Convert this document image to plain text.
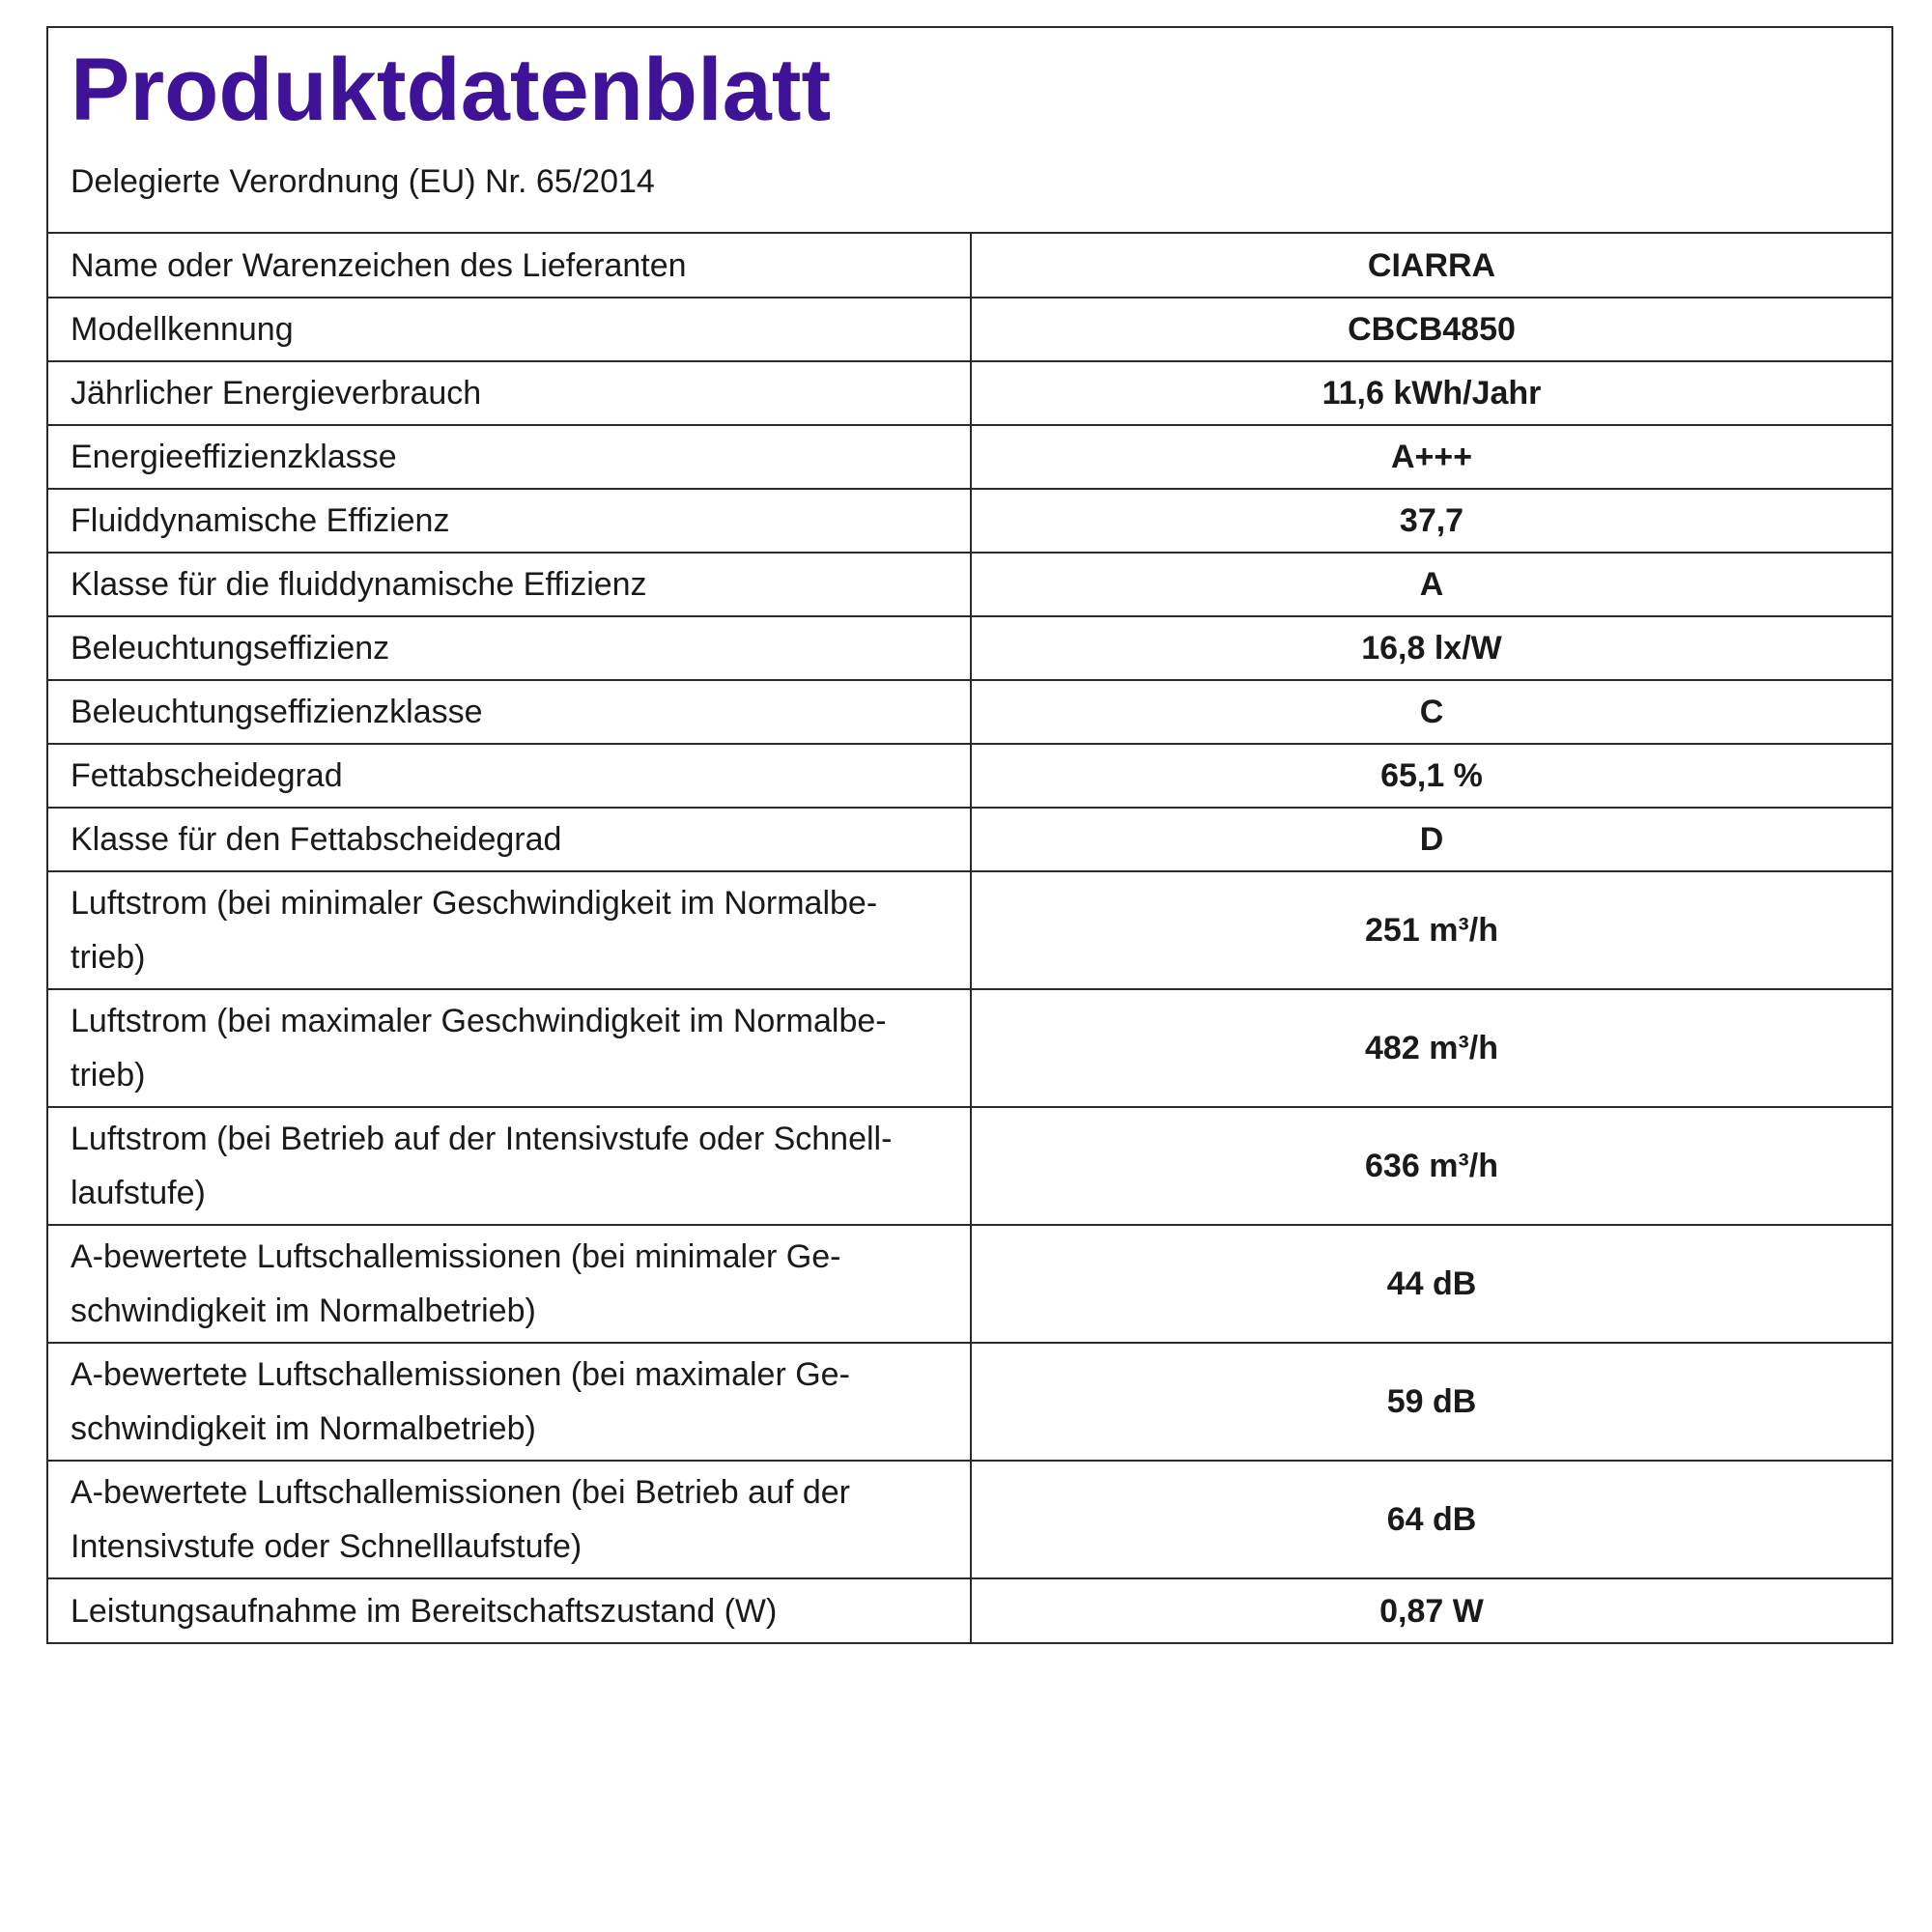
Produktdatenblatt

Delegierte Verordnung (EU) Nr. 65/2014

Name oder Warenzeichen des Lieferanten	CIARRA
Modellkennung	CBCB4850
Jährlicher Energieverbrauch	11,6 kWh/Jahr
Energieeffizienzklasse	A+++
Fluiddynamische Effizienz	37,7
Klasse für die fluiddynamische Effizienz	A
Beleuchtungseffizienz	16,8 lx/W
Beleuchtungseffizienzklasse	C
Fettabscheidegrad	65,1 %
Klasse für den Fettabscheidegrad	D
Luftstrom (bei minimaler Geschwindigkeit im Normalbe-trieb)	251 m³/h
Luftstrom (bei maximaler Geschwindigkeit im Normalbe-trieb)	482 m³/h
Luftstrom (bei Betrieb auf der Intensivstufe oder Schnell-laufstufe)	636 m³/h
A-bewertete Luftschallemissionen (bei minimaler Ge-schwindigkeit im Normalbetrieb)	44 dB
A-bewertete Luftschallemissionen (bei maximaler Ge-schwindigkeit im Normalbetrieb)	59 dB
A-bewertete Luftschallemissionen (bei Betrieb auf der Intensivstufe oder Schnelllaufstufe)	64 dB
Leistungsaufnahme im Bereitschaftszustand (W)	0,87 W
